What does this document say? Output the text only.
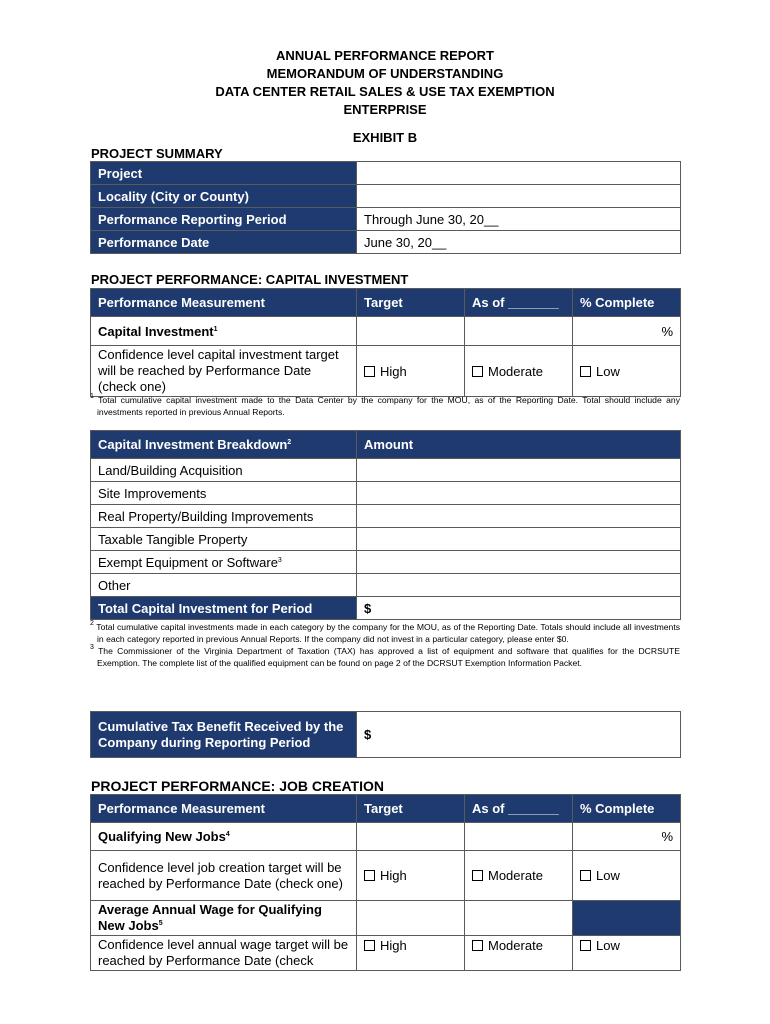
ANNUAL PERFORMANCE REPORT
MEMORANDUM OF UNDERSTANDING
DATA CENTER RETAIL SALES & USE TAX EXEMPTION
ENTERPRISE
EXHIBIT B
PROJECT SUMMARY
Project	
Locality (City or County)	
Performance Reporting Period	Through June 30, 20__
Performance Date	June 30, 20__
PROJECT PERFORMANCE: CAPITAL INVESTMENT
Performance Measurement	Target	As of _______	% Complete
Capital Investment$^1$			%
Confidence level capital investment target will be reached by Performance Date (check one)	High	Moderate	Low

$^1$ Total cumulative capital investment made to the Data Center by the company for the MOU, as of the Reporting Date. Total should include any investments reported in previous Annual Reports.

Capital Investment Breakdown$^2$	Amount
Land/Building Acquisition	
Site Improvements	
Real Property/Building Improvements	
Taxable Tangible Property	
Exempt Equipment or Software$^3$	
Other	
Total Capital Investment for Period	$

$^2$ Total cumulative capital investments made in each category by the company for the MOU, as of the Reporting Date. Totals should include all investments in each category reported in previous Annual Reports. If the company did not invest in a particular category, please enter $0.

$^3$ The Commissioner of the Virginia Department of Taxation (TAX) has approved a list of equipment and software that qualifies for the DCRSUTE Exemption. The complete list of the qualified equipment can be found on page 2 of the DCRSUT Exemption Information Packet.

Cumulative Tax Benefit Received by the Company during Reporting Period	$
PROJECT PERFORMANCE: JOB CREATION
Performance Measurement	Target	As of _______	% Complete
Qualifying New Jobs$^4$			%
Confidence level job creation target will be reached by Performance Date (check one)	High	Moderate	Low
Average Annual Wage for Qualifying New Jobs$^5$			
Confidence level annual wage target will be reached by Performance Date (check	High	Moderate	Low
